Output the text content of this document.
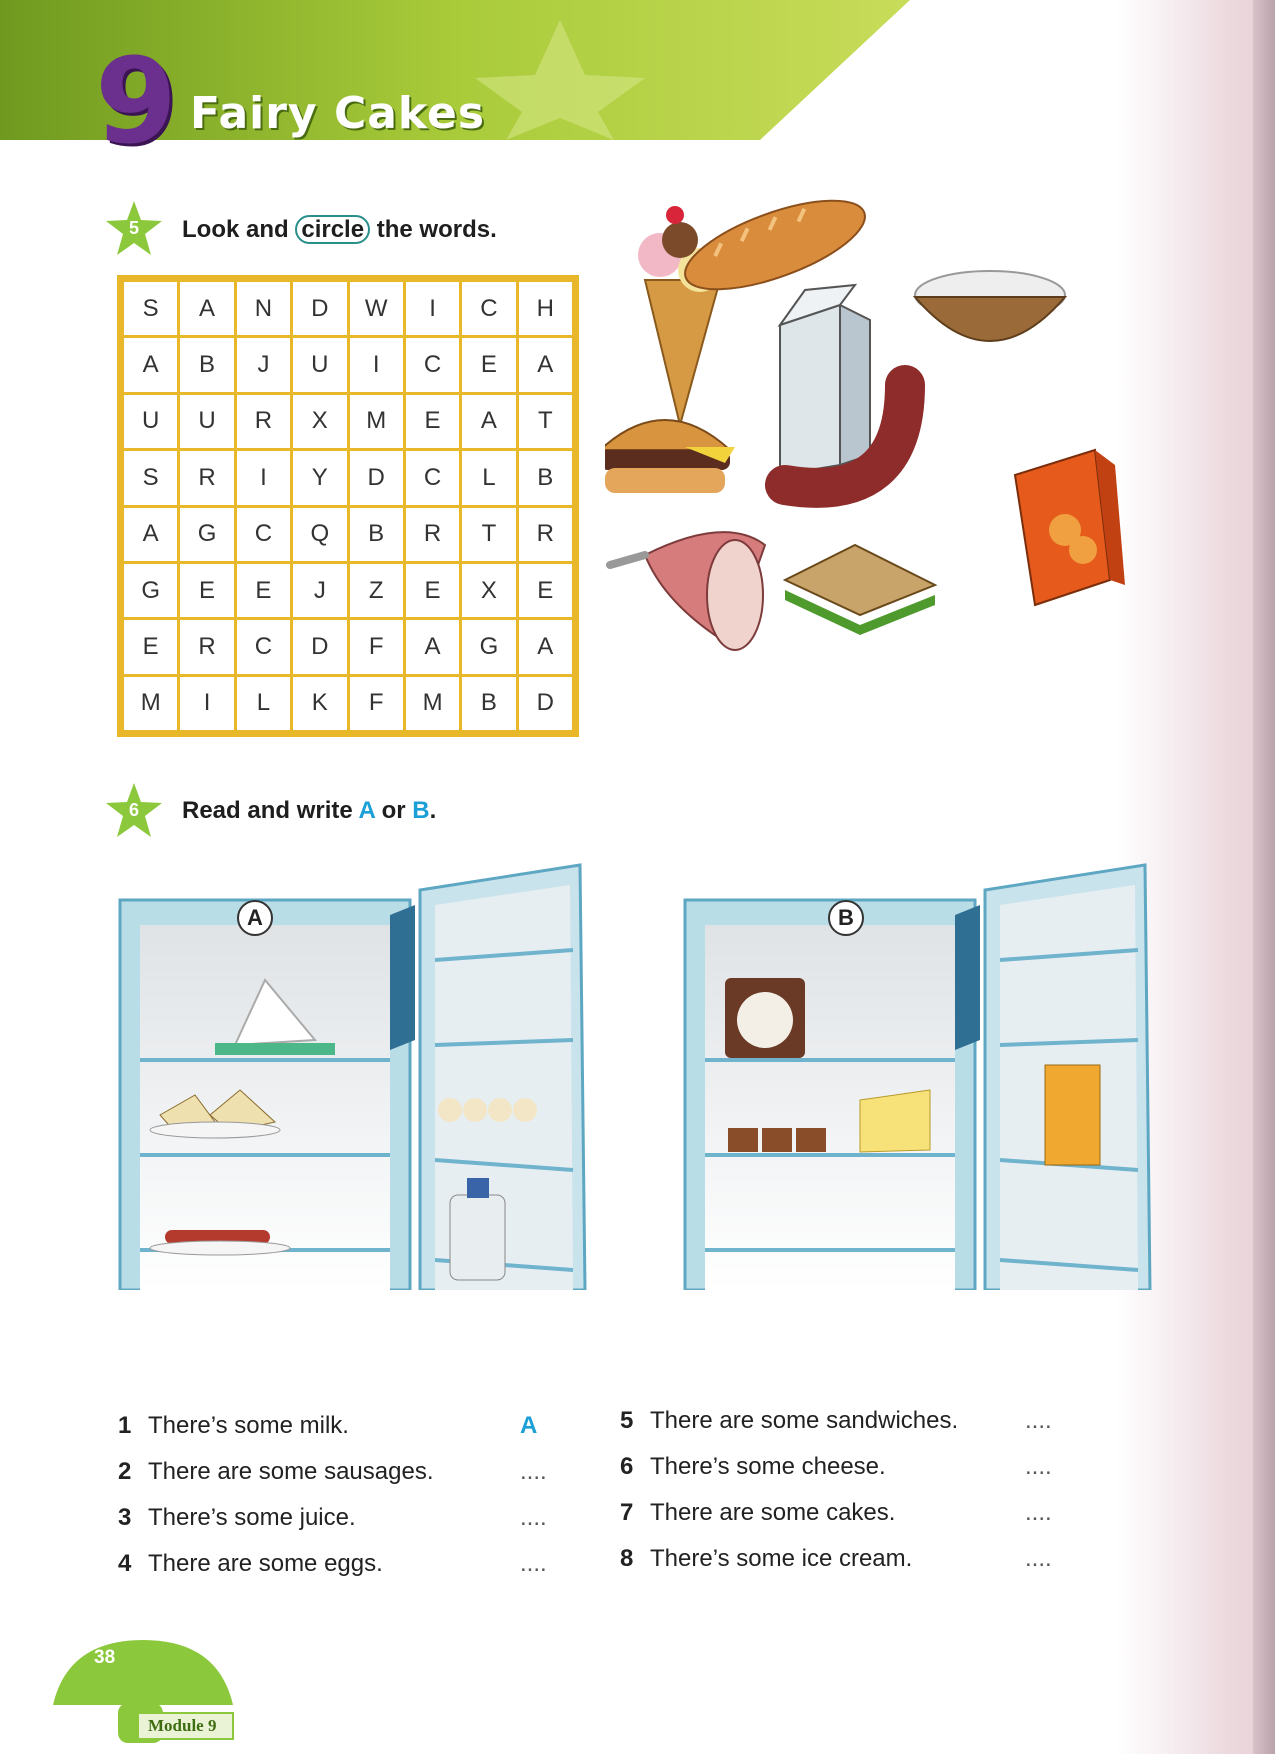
9 Fairy Cakes
5	Look and circle the words.
S	A	N	D	W	I	C	H
A	B	J	U	I	C	E	A
U	U	R	X	M	E	A	T
S	R	I	Y	D	C	L	B
A	G	C	Q	B	R	T	R
G	E	E	J	Z	E	X	E
E	R	C	D	F	A	G	A
M	I	L	K	F	M	B	D
6	Read and write A or B.
A	B
1 There’s some milk.	A
2 There are some sausages.	....
3 There’s some juice.	....
4 There are some eggs.	....
5 There are some sandwiches.	....
6 There’s some cheese.	....
7 There are some cakes.	....
8 There’s some ice cream.	....
38
Module 9
